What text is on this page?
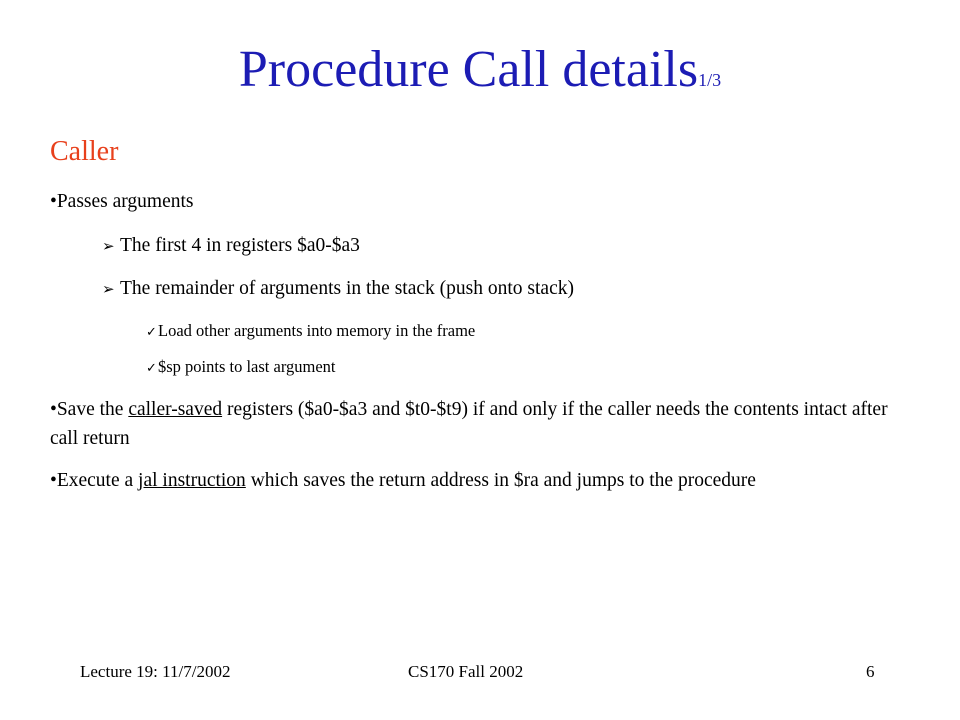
Procedure Call details1/3
Caller
•Passes arguments
➢ The first 4 in registers $a0-$a3
➢ The remainder of arguments in the stack (push onto stack)
✓Load other arguments into memory in the frame
✓$sp points to last argument
•Save the caller-saved registers ($a0-$a3 and $t0-$t9) if and only if the caller needs the contents intact after call return
•Execute a jal instruction which saves the return address in $ra and jumps to the procedure
Lecture 19: 11/7/2002	CS170 Fall 2002	6
